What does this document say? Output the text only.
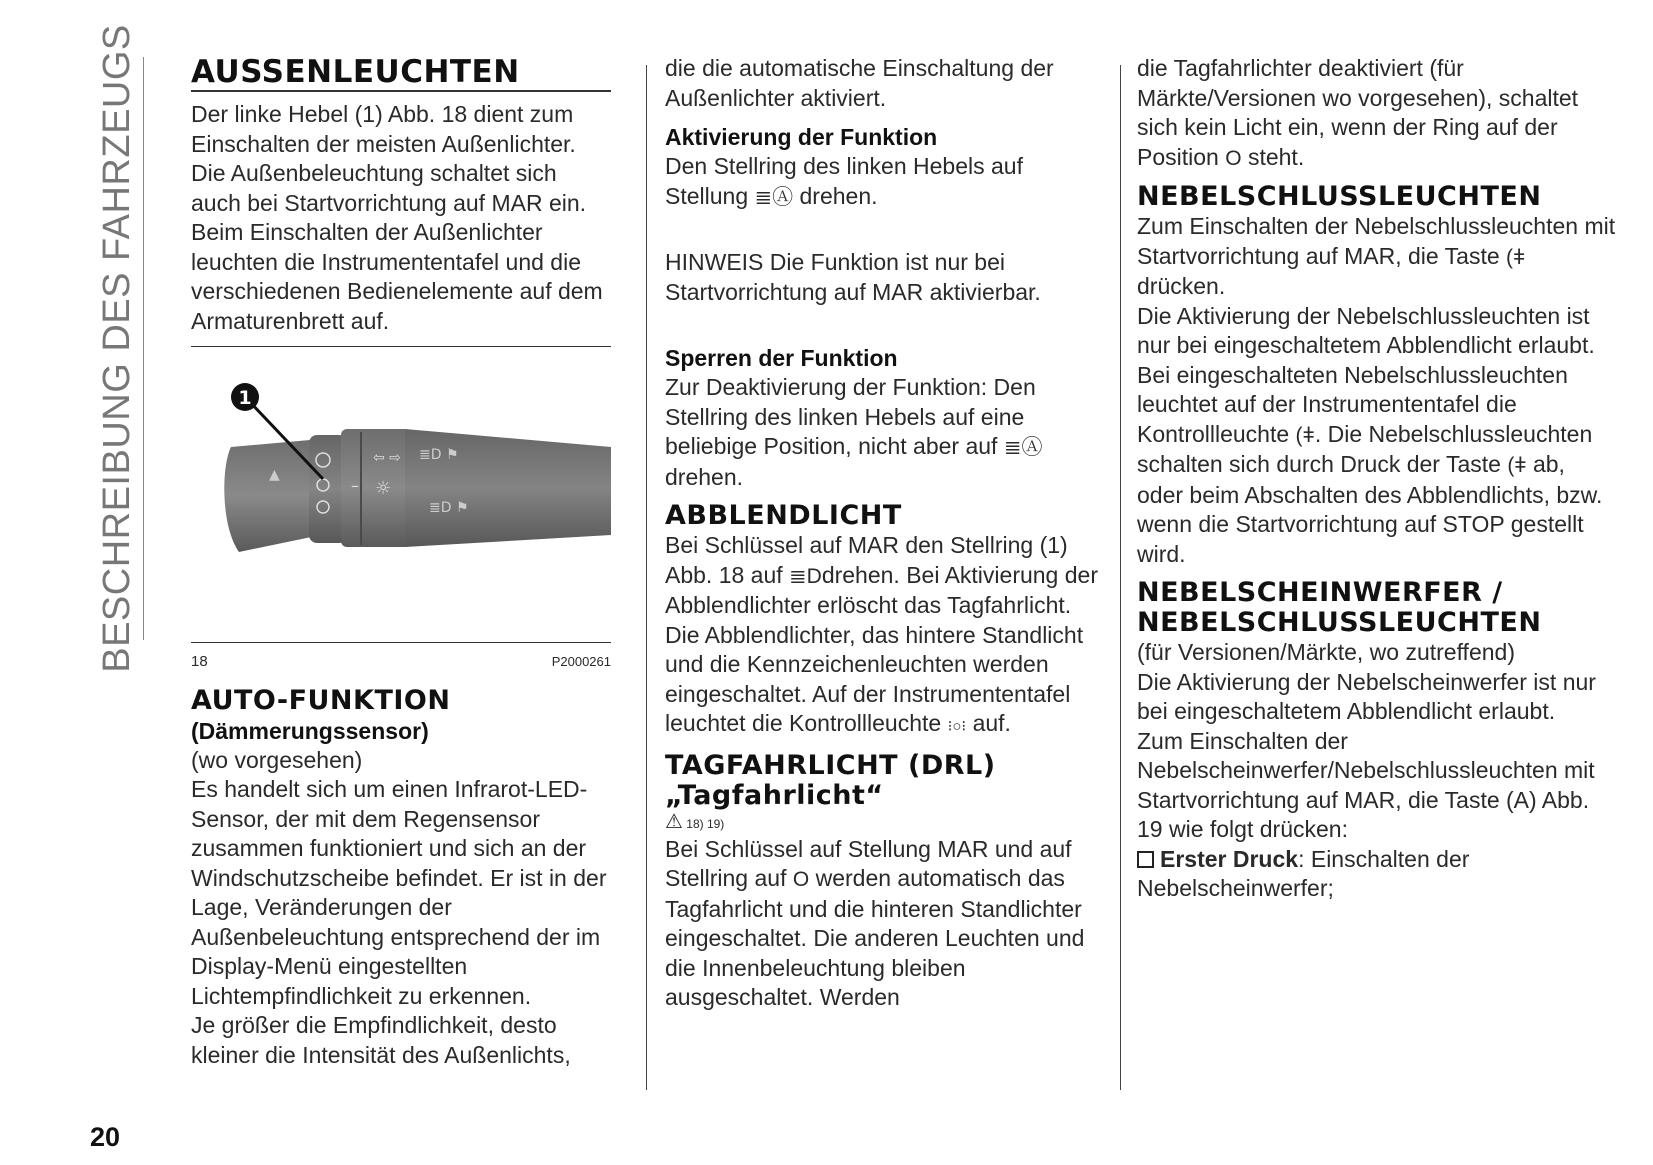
BESCHREIBUNG DES FAHRZEUGS AUSSENLEUCHTEN

Der linke Hebel (1) Abb. 18 dient zum Einschalten der meisten Außenlichter.

Die Außenbeleuchtung schaltet sich auch bei Startvorrichtung auf MAR ein. Beim Einschalten der Außenlichter leuchten die Instrumententafel und die verschiedenen Bedienelemente auf dem Armaturenbrett auf.

▲
⇦ ⇨
☼
–
≣D ⚑
≣D ⚑
1
18	P2000261
AUTO-FUNKTION
(Dämmerungssensor)

(wo vorgesehen)

Es handelt sich um einen Infrarot-LED-Sensor, der mit dem Regensensor zusammen funktioniert und sich an der Windschutzscheibe befindet. Er ist in der Lage, Veränderungen der Außenbeleuchtung entsprechend der im Display-Menü eingestellten Lichtempfindlichkeit zu erkennen.

Je größer die Empfindlichkeit, desto kleiner die Intensität des Außenlichts,

die die automatische Einschaltung der Außenlichter aktiviert.

Aktivierung der Funktion

Den Stellring des linken Hebels auf Stellung ≣Ⓐ drehen.

HINWEIS Die Funktion ist nur bei Startvorrichtung auf MAR aktivierbar.

Sperren der Funktion

Zur Deaktivierung der Funktion: Den Stellring des linken Hebels auf eine beliebige Position, nicht aber auf ≣Ⓐ drehen.

ABBLENDLICHT

Bei Schlüssel auf MAR den Stellring (1) Abb. 18 auf ≣Ddrehen. Bei Aktivierung der Abblendlichter erlöscht das Tagfahrlicht. Die Abblendlichter, das hintere Standlicht und die Kennzeichenleuchten werden eingeschaltet. Auf der Instrumententafel leuchtet die Kontrollleuchte ⁝○⁝ auf.

TAGFAHRLICHT (DRL)
„Tagfahrlicht“
⚠ 18) 19)

Bei Schlüssel auf Stellung MAR und auf Stellring auf O werden automatisch das Tagfahrlicht und die hinteren Standlichter eingeschaltet. Die anderen Leuchten und die Innenbeleuchtung bleiben ausgeschaltet. Werden

die Tagfahrlichter deaktiviert (für Märkte/Versionen wo vorgesehen), schaltet sich kein Licht ein, wenn der Ring auf der Position O steht.

NEBELSCHLUSSLEUCHTEN

Zum Einschalten der Nebelschlussleuchten mit Startvorrichtung auf MAR, die Taste (ǂ drücken.

Die Aktivierung der Nebelschlussleuchten ist nur bei eingeschaltetem Abblendlicht erlaubt.

Bei eingeschalteten Nebelschlussleuchten leuchtet auf der Instrumententafel die Kontrollleuchte (ǂ. Die Nebelschlussleuchten schalten sich durch Druck der Taste (ǂ ab, oder beim Abschalten des Abblendlichts, bzw. wenn die Startvorrichtung auf STOP gestellt wird.

NEBELSCHEINWERFER /
NEBELSCHLUSSLEUCHTEN

(für Versionen/Märkte, wo zutreffend)

Die Aktivierung der Nebelscheinwerfer ist nur bei eingeschaltetem Abblendlicht erlaubt.

Zum Einschalten der Nebelscheinwerfer/Nebelschlussleuchten mit Startvorrichtung auf MAR, die Taste (A) Abb. 19 wie folgt drücken:

Erster Druck: Einschalten der Nebelscheinwerfer;

20
